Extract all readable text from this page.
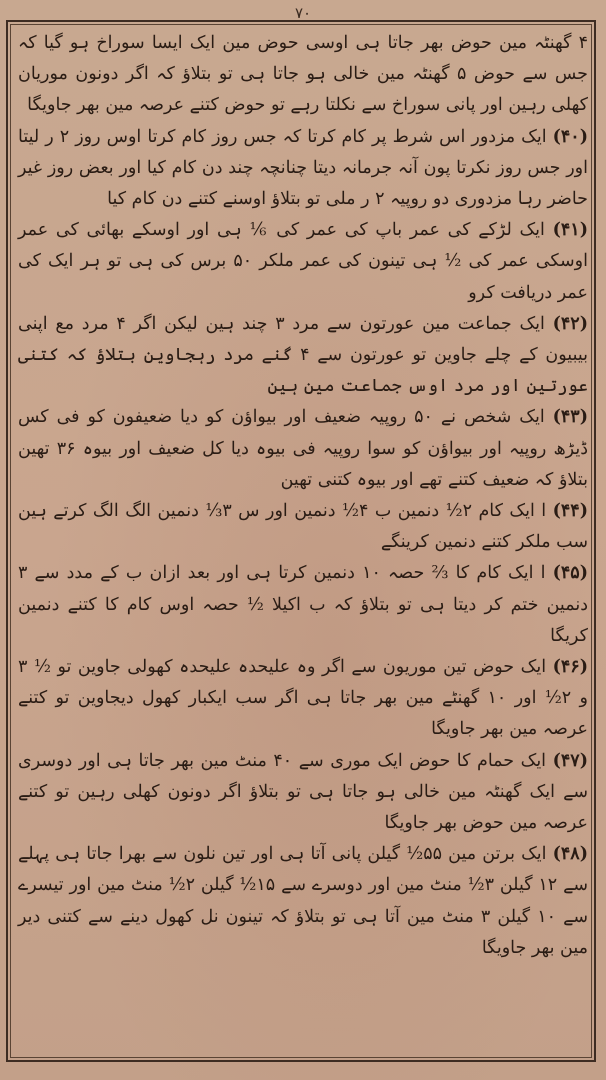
٧٠

۴ گھنٹہ مین حوض بھر جاتا ہی اوسی حوض مین ایک ایسا سوراخ ہو گیا کہ جس سے حوض ۵ گھنٹہ مین خالی ہو جاتا ہی تو بتلاؤ کہ اگر دونون موریان کھلی رہین اور پانی سوراخ سے نکلتا رہے تو حوض کتنے عرصہ مین بھر جاویگا

(۴۰) ایک مزدور اس شرط پر کام کرتا کہ جس روز کام کرتا اوس روز ۲ ر لیتا اور جس روز نکرتا پون آنہ جرمانہ دیتا چنانچہ چند دن کام کیا اور بعض روز غیر حاضر رہا مزدوری دو روپیہ ۲ ر ملی تو بتلاؤ اوسنے کتنے دن کام کیا

(۴۱) ایک لڑکے کی عمر باپ کی عمر کی ⅙ ہی اور اوسکے بھائی کی عمر اوسکی عمر کی ½ ہی تینون کی عمر ملکر ۵۰ برس کی ہی تو ہر ایک کی عمر دریافت کرو

(۴۲) ایک جماعت مین عورتون سے مرد ۳ چند ہین لیکن اگر ۴ مرد مع اپنی بیبیون کے چلے جاوین تو عورتون سے ۴ گنے مرد رہجاوین بتلاؤ کہ کتنی عورتین اور مرد اوس جماعت مین ہین

(۴۳) ایک شخص نے ۵۰ روپیہ ضعیف اور بیواؤن کو دیا ضعیفون کو فی کس ڈیڑھ روپیہ اور بیواؤن کو سوا روپیہ فی بیوہ دیا کل ضعیف اور بیوہ ۳۶ تھین بتلاؤ کہ ضعیف کتنے تھے اور بیوہ کتنی تھین

(۴۴) ا ایک کام ۲½ دنمین ب ۴½ دنمین اور س ۳⅓ دنمین الگ الگ کرتے ہین سب ملکر کتنے دنمین کرینگے

(۴۵) ا ایک کام کا ⅔ حصہ ۱۰ دنمین کرتا ہی اور بعد ازان ب کے مدد سے ۳ دنمین ختم کر دیتا ہی تو بتلاؤ کہ ب اکیلا ½ حصہ اوس کام کا کتنے دنمین کریگا

(۴۶) ایک حوض تین موریون سے اگر وہ علیحدہ علیحدہ کھولی جاوین تو ½ ۳ و ۲½ اور ۱۰ گھنٹے مین بھر جاتا ہی اگر سب ایکبار کھول دیجاوین تو کتنے عرصہ مین بھر جاویگا

(۴۷) ایک حمام کا حوض ایک موری سے ۴۰ منٹ مین بھر جاتا ہی اور دوسری سے ایک گھنٹہ مین خالی ہو جاتا ہی تو بتلاؤ اگر دونون کھلی رہین تو کتنے عرصہ مین حوض بھر جاویگا

(۴۸) ایک برتن مین ۵۵½ گیلن پانی آتا ہی اور تین نلون سے بھرا جاتا ہی پہلے سے ۱۲ گیلن ۳½ منٹ مین اور دوسرے سے ۱۵½ گیلن ۲½ منٹ مین اور تیسرے سے ۱۰ گیلن ۳ منٹ مین آتا ہی تو بتلاؤ کہ تینون نل کھول دینے سے کتنی دیر مین بھر جاویگا
